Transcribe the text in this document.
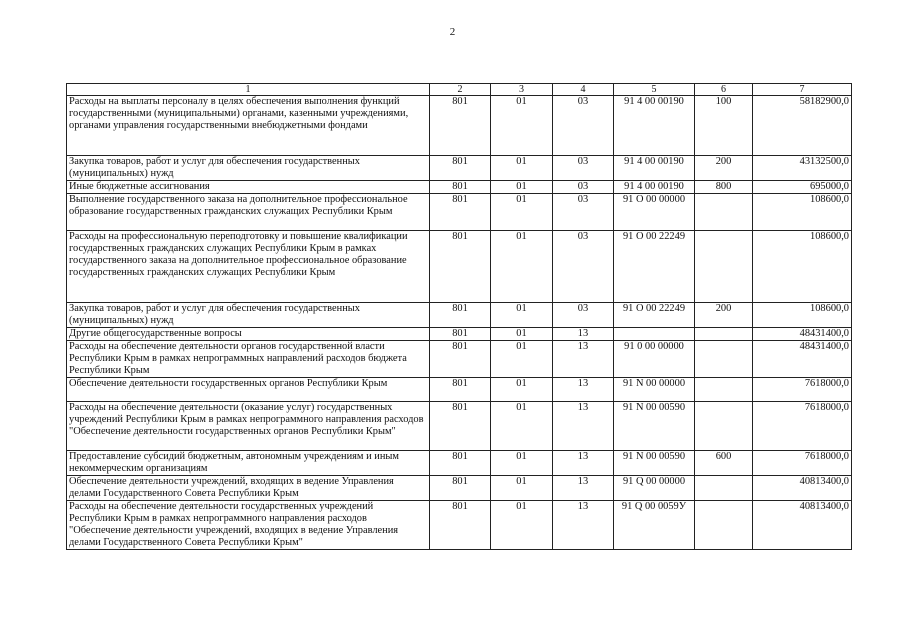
2
1	2	3	4	5	6	7
Расходы на выплаты персоналу в целях обеспечения выполнения функций государственными (муниципальными) органами, казенными учреждениями, органами управления государственными внебюджетными фондами	801	01	03	91 4 00 00190	100	58182900,0
Закупка товаров, работ и услуг для обеспечения государственных (муниципальных) нужд	801	01	03	91 4 00 00190	200	43132500,0
Иные бюджетные ассигнования	801	01	03	91 4 00 00190	800	695000,0
Выполнение государственного заказа на дополнительное профессиональное образование государственных гражданских служащих Республики Крым	801	01	03	91 О 00 00000		108600,0
Расходы на профессиональную переподготовку и повышение квалификации государственных гражданских служащих Республики Крым в рамках государственного заказа на дополнительное профессиональное образование государственных гражданских служащих Республики Крым	801	01	03	91 О 00 22249		108600,0
Закупка товаров, работ и услуг для обеспечения государственных (муниципальных) нужд	801	01	03	91 О 00 22249	200	108600,0
Другие общегосударственные вопросы	801	01	13			48431400,0
Расходы на обеспечение деятельности органов государственной власти Республики Крым в рамках непрограммных направлений расходов бюджета Республики Крым	801	01	13	91 0 00 00000		48431400,0
Обеспечение деятельности государственных органов Республики Крым	801	01	13	91 N 00 00000		7618000,0
Расходы на обеспечение деятельности (оказание услуг) государственных учреждений Республики Крым в рамках непрограммного направления расходов "Обеспечение деятельности государственных органов Республики Крым"	801	01	13	91 N 00 00590		7618000,0
Предоставление субсидий бюджетным, автономным учреждениям и иным некоммерческим организациям	801	01	13	91 N 00 00590	600	7618000,0
Обеспечение деятельности учреждений, входящих в ведение Управления делами Государственного Совета Республики Крым	801	01	13	91 Q 00 00000		40813400,0
Расходы на обеспечение деятельности государственных учреждений Республики Крым в рамках непрограммного направления расходов "Обеспечение деятельности учреждений, входящих в ведение Управления делами Государственного Совета Республики Крым"	801	01	13	91 Q 00 0059У		40813400,0
